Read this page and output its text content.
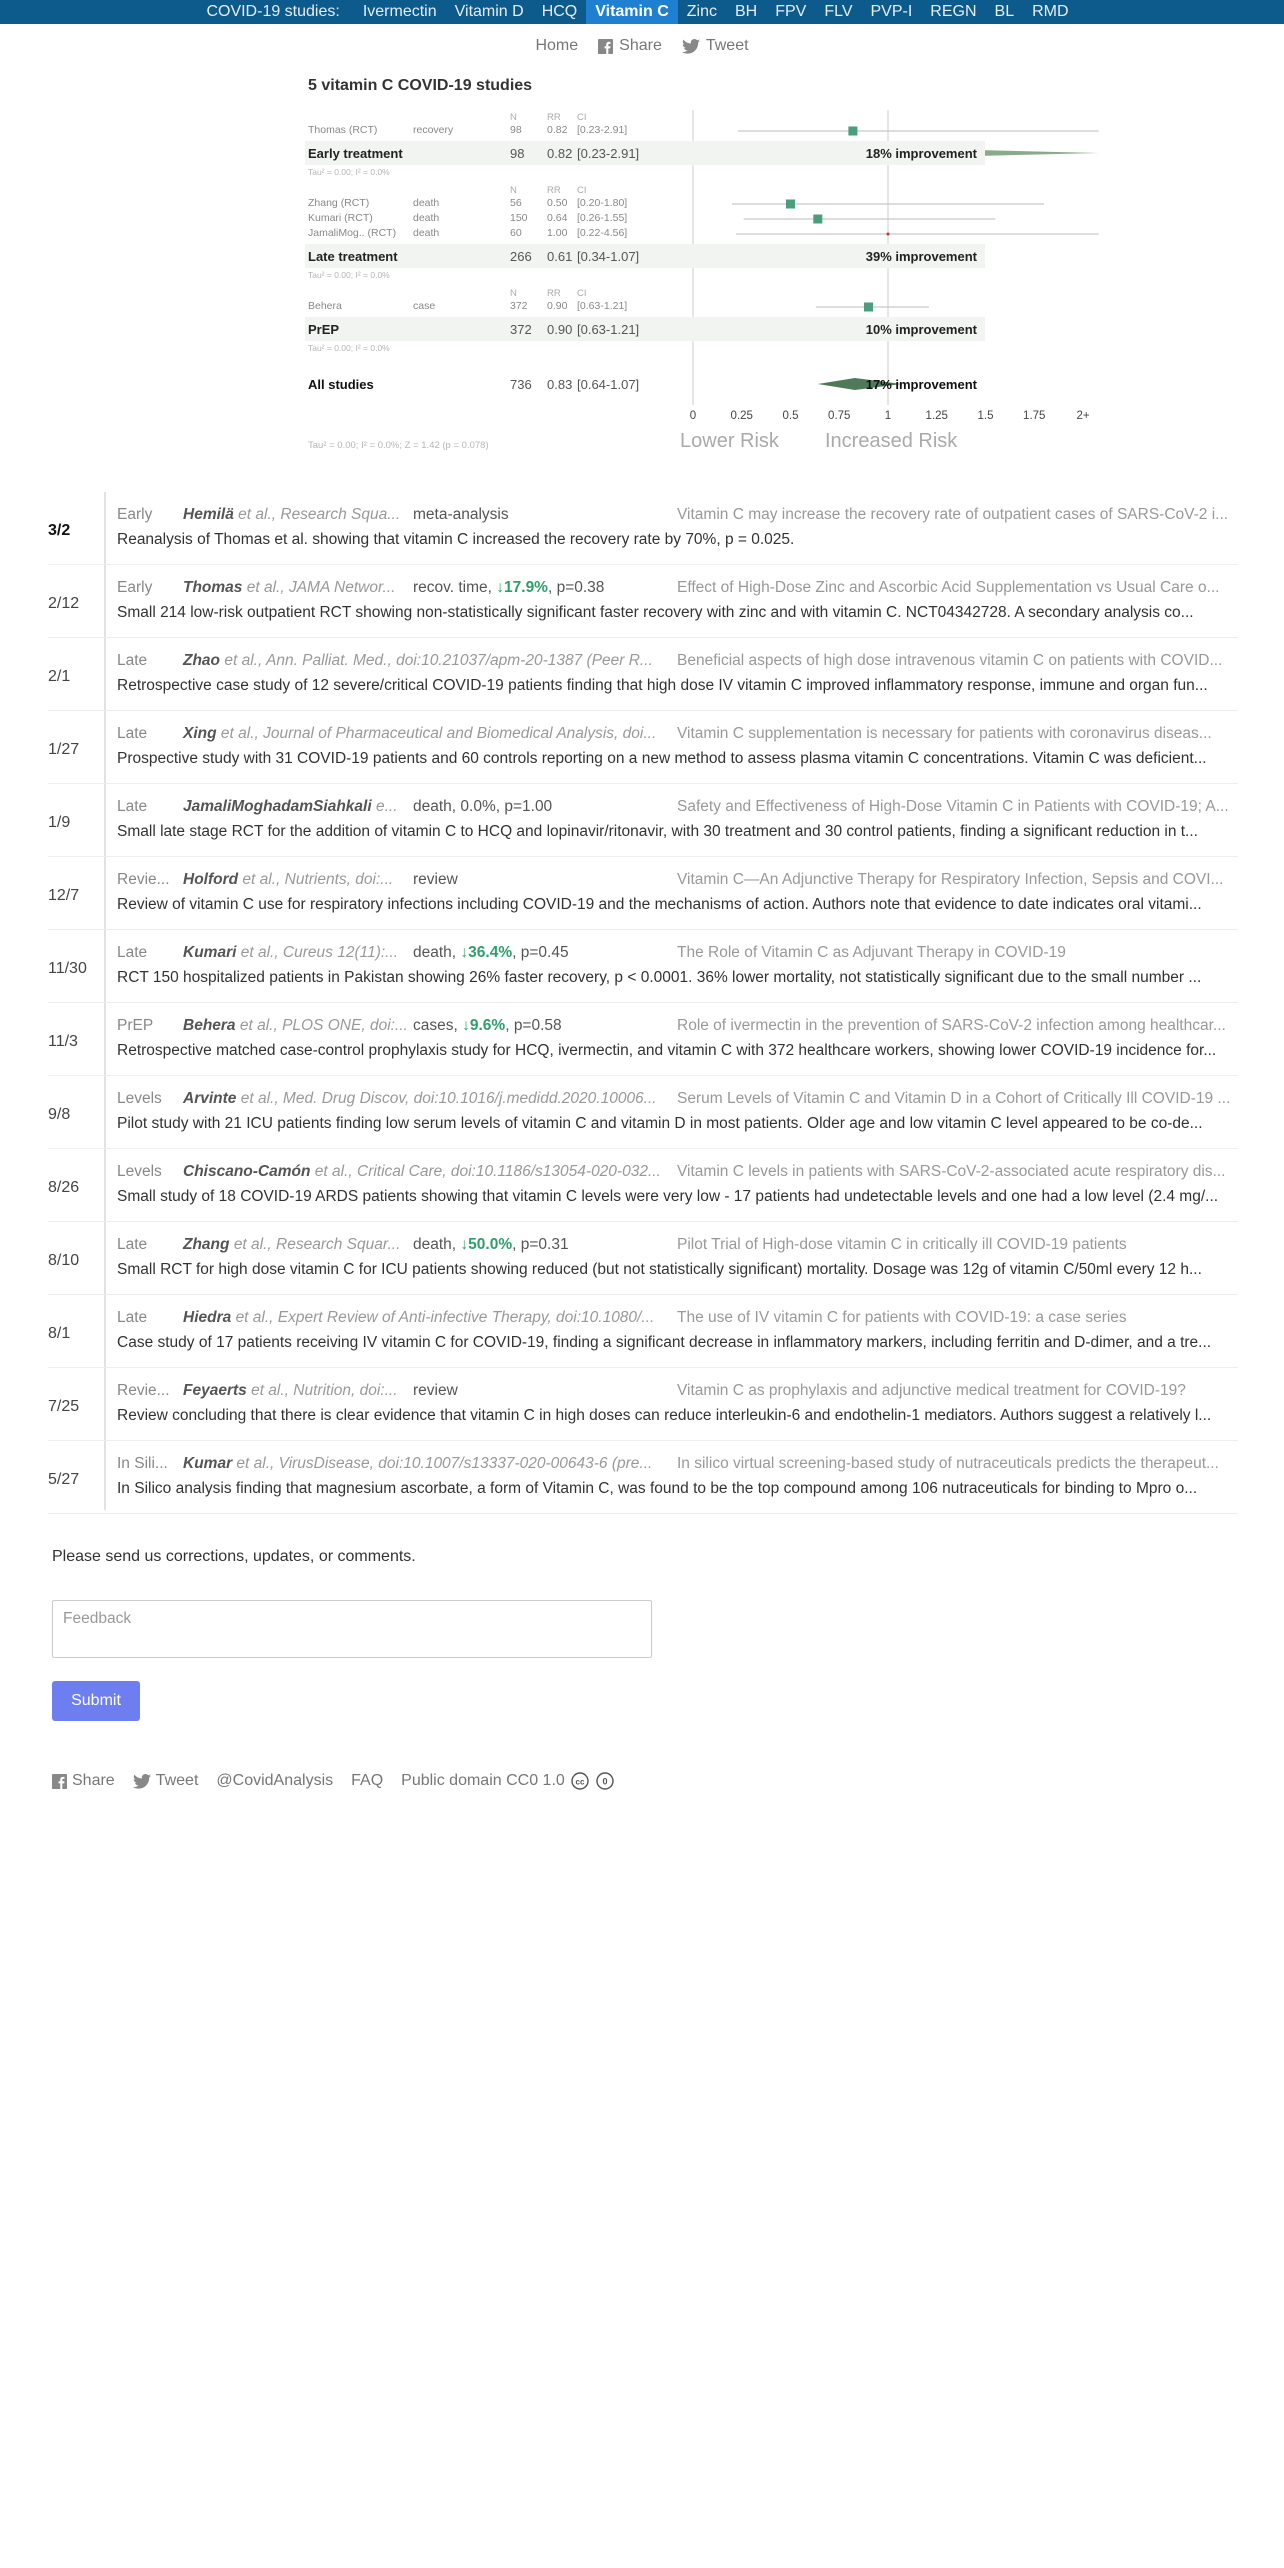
COVID-19 studies:	Ivermectin	Vitamin D	HCQ	Vitamin C	Zinc	BH	FPV	FLV	PVP-I	REGN	BL	RMD
Home	Share	Tweet
5 vitamin C COVID-19 studies
N	RR CI
Thomas (RCT)	recovery	98 0.82 [0.23-2.91]
Early treatment	98 0.82 [0.23-2.91]	18% improvement
Tau² = 0.00; I² = 0.0%
N	RR CI
Zhang (RCT)	death	56 0.50 [0.20-1.80]
Kumari (RCT)	death	150 0.64 [0.26-1.55]
JamaliMog.. (RCT) death	60 1.00 [0.22-4.56]
Late treatment	266 0.61 [0.34-1.07]	39% improvement
Tau² = 0.00; I² = 0.0%
N	RR CI
Behera	case	372 0.90 [0.63-1.21]
PrEP	372 0.90 [0.63-1.21]	10% improvement
Tau² = 0.00; I² = 0.0%
All studies	736 0.83 [0.64-1.07]	17% improvement
0	0.25	0.5	0.75	1	1.25	1.5	1.75	2+
Lower Risk Increased Risk
Tau² = 0.00; I² = 0.0%; Z = 1.42 (p = 0.078)
3/2
Early	Hemilä et al., Research Squa... meta-analysis	Vitamin C may increase the recovery rate of outpatient cases of SARS-CoV-2 i...
Reanalysis of Thomas et al. showing that vitamin C increased the recovery rate by 70%, p = 0.025.
2/12
Early	Thomas et al., JAMA Networ...	recov. time, ↓17.9%, p=0.38	Effect of High-Dose Zinc and Ascorbic Acid Supplementation vs Usual Care o...
Small 214 low-risk outpatient RCT showing non-statistically significant faster recovery with zinc and with vitamin C. NCT04342728. A secondary analysis co...
2/1
Late	Zhao et al., Ann. Palliat. Med., doi:10.21037/apm-20-1387 (Peer R... Beneficial aspects of high dose intravenous vitamin C on patients with COVID...
Retrospective case study of 12 severe/critical COVID-19 patients finding that high dose IV vitamin C improved inflammatory response, immune and organ fun...
1/27
Late	Xing et al., Journal of Pharmaceutical and Biomedical Analysis, doi... Vitamin C supplementation is necessary for patients with coronavirus diseas...
Prospective study with 31 COVID-19 patients and 60 controls reporting on a new method to assess plasma vitamin C concentrations. Vitamin C was deficient...
1/9
Late	JamaliMoghadamSiahkali e... death, 0.0%, p=1.00	Safety and Effectiveness of High-Dose Vitamin C in Patients with COVID-19; A...
Small late stage RCT for the addition of vitamin C to HCQ and lopinavir/ritonavir, with 30 treatment and 30 control patients, finding a significant reduction in t...
12/7
Revie... Holford et al., Nutrients, doi:...	review	Vitamin C—An Adjunctive Therapy for Respiratory Infection, Sepsis and COVI...
Review of vitamin C use for respiratory infections including COVID-19 and the mechanisms of action. Authors note that evidence to date indicates oral vitami...
11/30
Late	Kumari et al., Cureus 12(11):... death, ↓36.4%, p=0.45	The Role of Vitamin C as Adjuvant Therapy in COVID-19
RCT 150 hospitalized patients in Pakistan showing 26% faster recovery, p < 0.0001. 36% lower mortality, not statistically significant due to the small number ...
11/3
PrEP	Behera et al., PLOS ONE, doi:... cases, ↓9.6%, p=0.58	Role of ivermectin in the prevention of SARS-CoV-2 infection among healthcar...
Retrospective matched case-control prophylaxis study for HCQ, ivermectin, and vitamin C with 372 healthcare workers, showing lower COVID-19 incidence for...
9/8
Levels	Arvinte et al., Med. Drug Discov, doi:10.1016/j.medidd.2020.10006... Serum Levels of Vitamin C and Vitamin D in a Cohort of Critically Ill COVID-19 ...
Pilot study with 21 ICU patients finding low serum levels of vitamin C and vitamin D in most patients. Older age and low vitamin C level appeared to be co-de...
8/26
Levels	Chiscano-Camón et al., Critical Care, doi:10.1186/s13054-020-032... Vitamin C levels in patients with SARS-CoV-2-associated acute respiratory dis...
Small study of 18 COVID-19 ARDS patients showing that vitamin C levels were very low - 17 patients had undetectable levels and one had a low level (2.4 mg/...
8/10
Late	Zhang et al., Research Squar... death, ↓50.0%, p=0.31	Pilot Trial of High-dose vitamin C in critically ill COVID-19 patients
Small RCT for high dose vitamin C for ICU patients showing reduced (but not statistically significant) mortality. Dosage was 12g of vitamin C/50ml every 12 h...
8/1
Late	Hiedra et al., Expert Review of Anti-infective Therapy, doi:10.1080/... The use of IV vitamin C for patients with COVID-19: a case series
Case study of 17 patients receiving IV vitamin C for COVID-19, finding a significant decrease in inflammatory markers, including ferritin and D-dimer, and a tre...
7/25
Revie... Feyaerts et al., Nutrition, doi:... review	Vitamin C as prophylaxis and adjunctive medical treatment for COVID-19?
Review concluding that there is clear evidence that vitamin C in high doses can reduce interleukin-6 and endothelin-1 mediators. Authors suggest a relatively l...
5/27
In Sili... Kumar et al., VirusDisease, doi:10.1007/s13337-020-00643-6 (pre... In silico virtual screening-based study of nutraceuticals predicts the therapeut...
In Silico analysis finding that magnesium ascorbate, a form of Vitamin C, was found to be the top compound among 106 nutraceuticals for binding to Mpro o...
Please send us corrections, updates, or comments.
Feedback
Submit
Share	Tweet @CovidAnalysis FAQ Public domain CC0 1.0 cc 0
